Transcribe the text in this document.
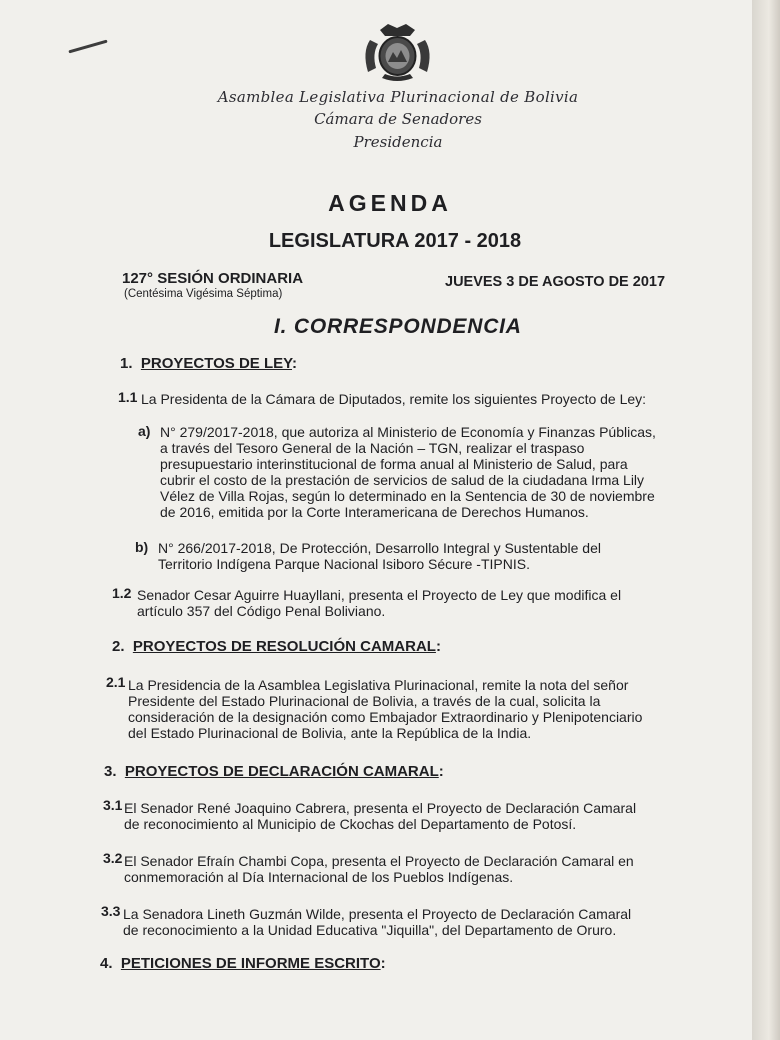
Asamblea Legislativa Plurinacional de Bolivia
Cámara de Senadores
Presidencia
AGENDA
LEGISLATURA 2017 - 2018
127° SESIÓN ORDINARIA
(Centésima Vigésima Séptima)
JUEVES 3 DE AGOSTO DE 2017
I. CORRESPONDENCIA
1. PROYECTOS DE LEY:
1.1 La Presidenta de la Cámara de Diputados, remite los siguientes Proyecto de Ley:
a) N° 279/2017-2018, que autoriza al Ministerio de Economía y Finanzas Públicas,
a través del Tesoro General de la Nación – TGN, realizar el traspaso
presupuestario interinstitucional de forma anual al Ministerio de Salud, para
cubrir el costo de la prestación de servicios de salud de la ciudadana Irma Lily
Vélez de Villa Rojas, según lo determinado en la Sentencia de 30 de noviembre
de 2016, emitida por la Corte Interamericana de Derechos Humanos.
b) N° 266/2017-2018, De Protección, Desarrollo Integral y Sustentable del
Territorio Indígena Parque Nacional Isiboro Sécure -TIPNIS.
1.2 Senador Cesar Aguirre Huayllani, presenta el Proyecto de Ley que modifica el
artículo 357 del Código Penal Boliviano.
2. PROYECTOS DE RESOLUCIÓN CAMARAL:
2.1 La Presidencia de la Asamblea Legislativa Plurinacional, remite la nota del señor
Presidente del Estado Plurinacional de Bolivia, a través de la cual, solicita la
consideración de la designación como Embajador Extraordinario y Plenipotenciario
del Estado Plurinacional de Bolivia, ante la República de la India.
3. PROYECTOS DE DECLARACIÓN CAMARAL:
3.1 El Senador René Joaquino Cabrera, presenta el Proyecto de Declaración Camaral
de reconocimiento al Municipio de Ckochas del Departamento de Potosí.
3.2 El Senador Efraín Chambi Copa, presenta el Proyecto de Declaración Camaral en
conmemoración al Día Internacional de los Pueblos Indígenas.
3.3 La Senadora Lineth Guzmán Wilde, presenta el Proyecto de Declaración Camaral
de reconocimiento a la Unidad Educativa "Jiquilla", del Departamento de Oruro.
4. PETICIONES DE INFORME ESCRITO:
